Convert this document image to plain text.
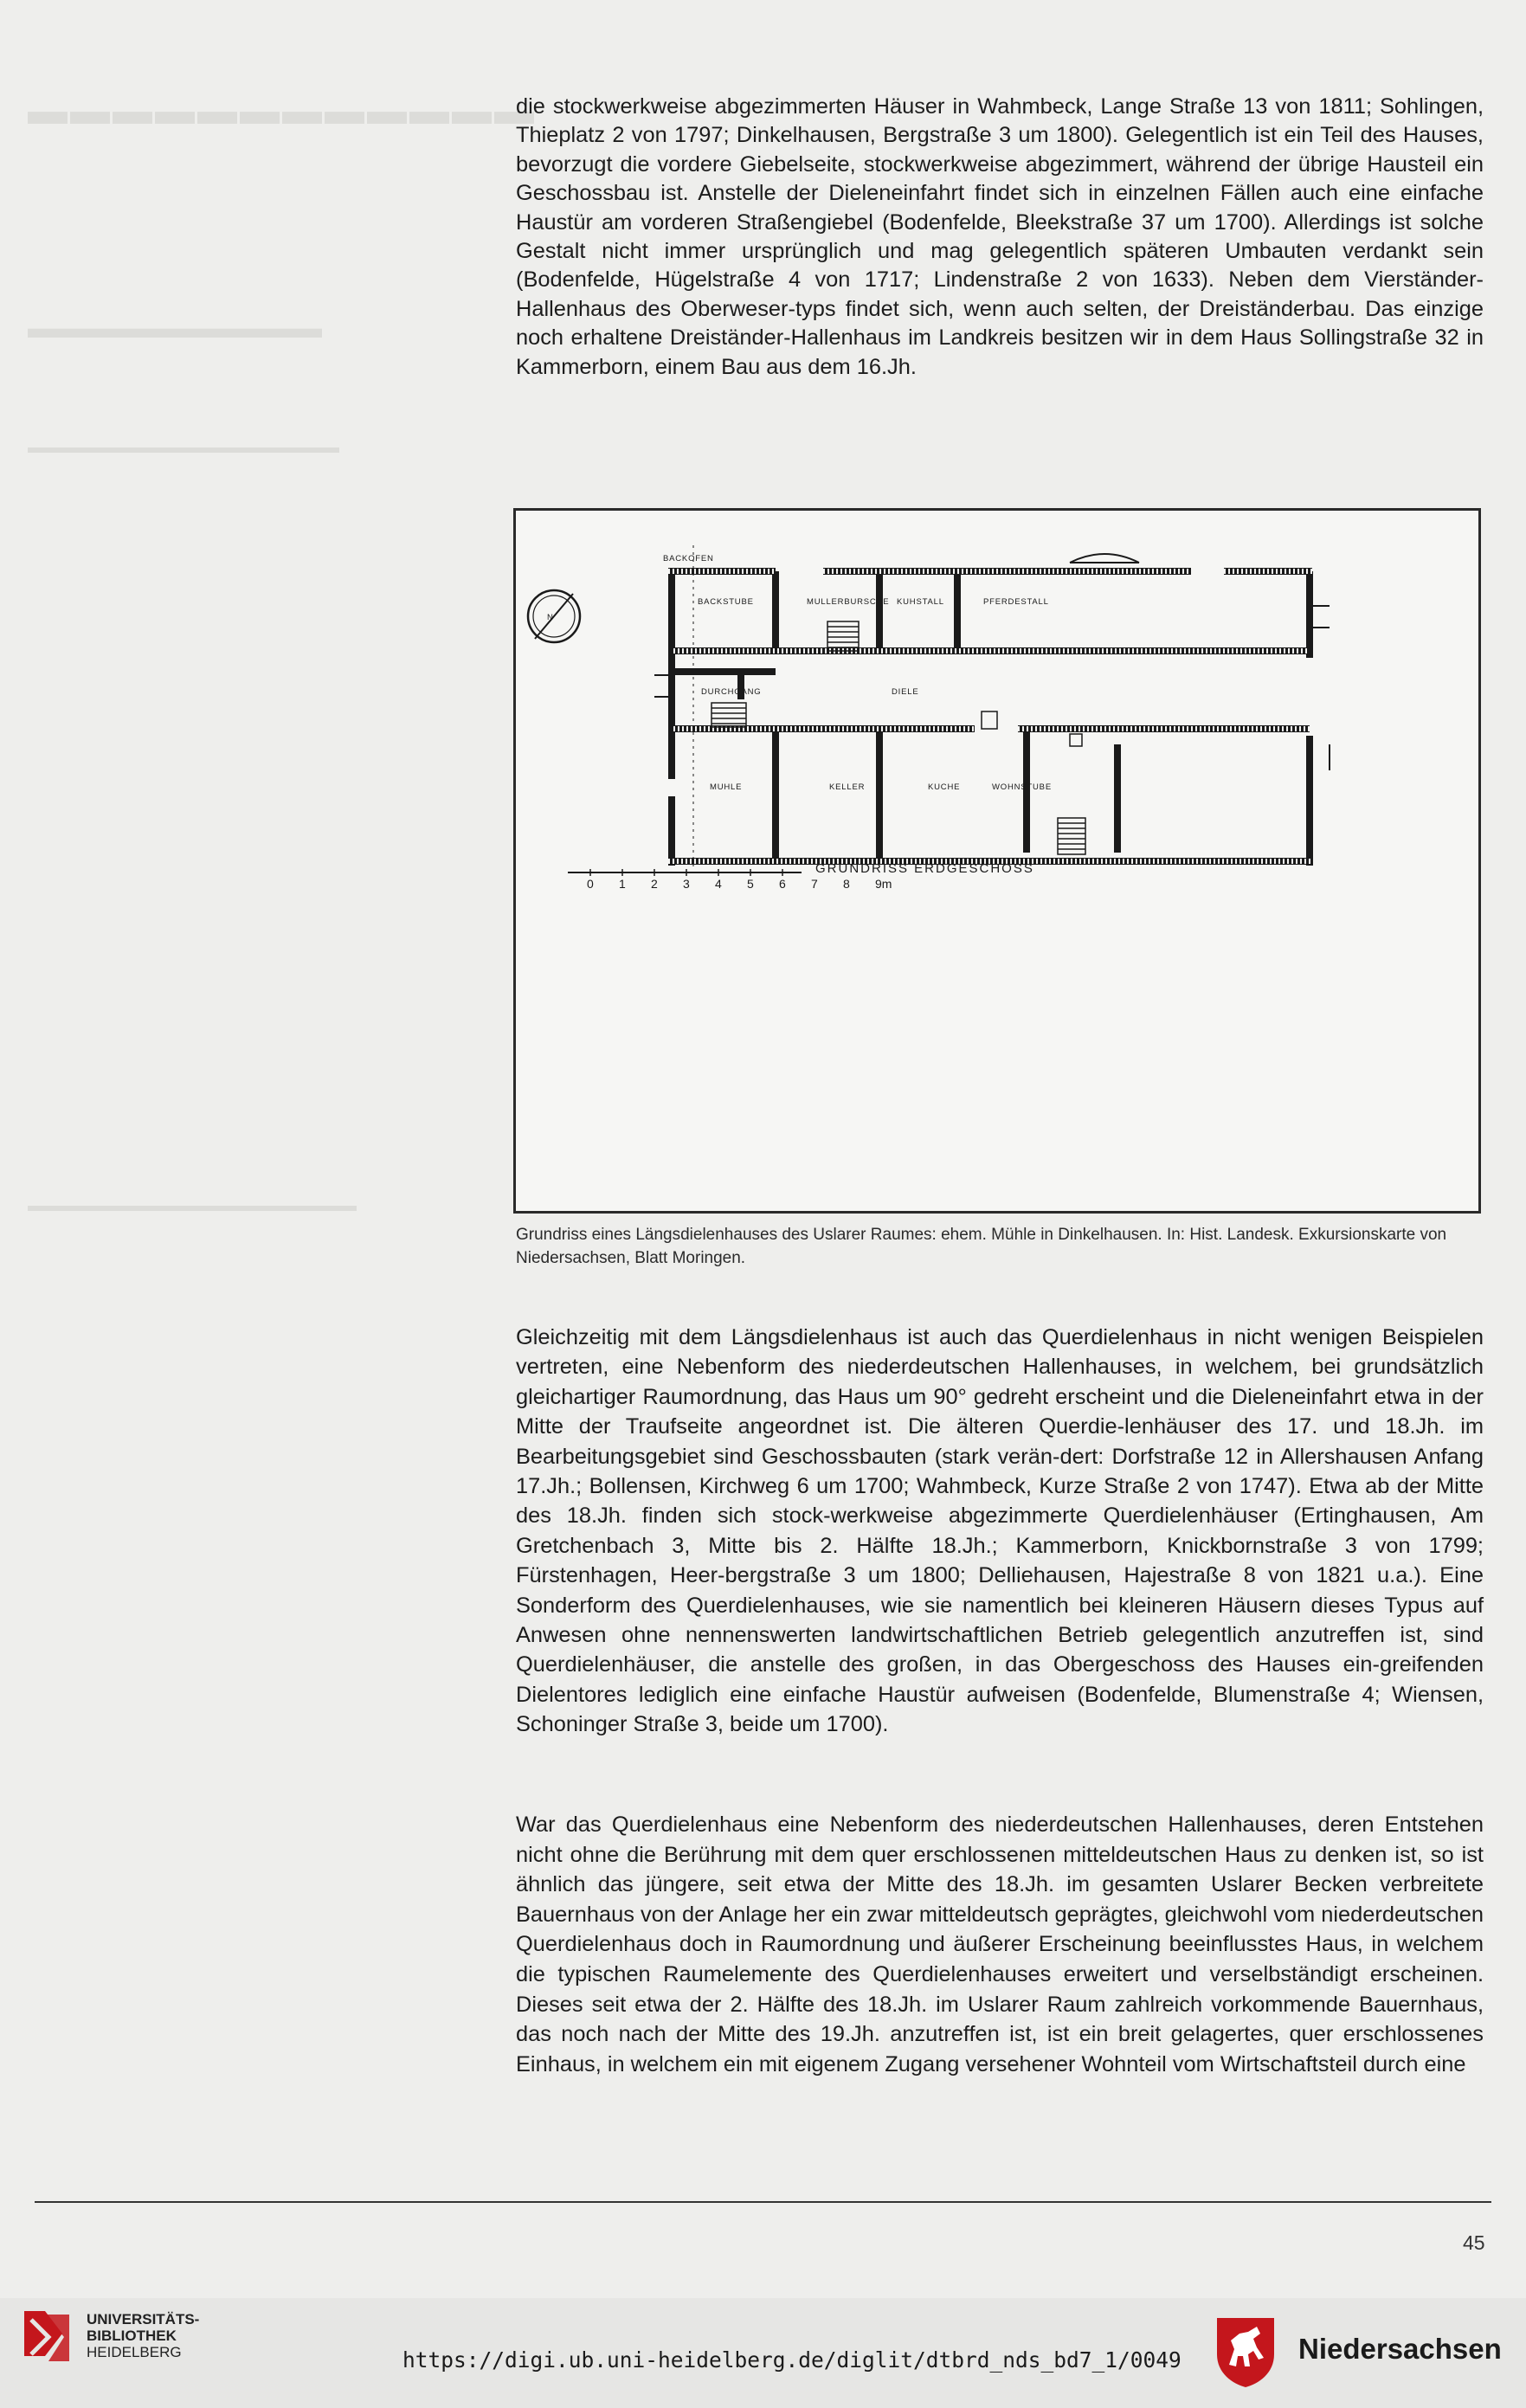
▬▬▬▬▬▬▬▬▬▬▬▬
▬▬▬▬▬▬▬▬▬▬
▬▬▬▬▬▬▬▬▬▬▬▬▬▬▬▬▬▬
▬▬▬▬▬▬▬▬▬▬▬▬▬▬▬▬▬▬▬

die stockwerkweise abgezimmerten Häuser in Wahmbeck, Lange Straße 13 von 1811; Sohlingen, Thieplatz 2 von 1797; Dinkelhausen, Bergstraße 3 um 1800). Gelegentlich ist ein Teil des Hauses, bevorzugt die vordere Giebelseite, stockwerkweise abgezimmert, während der übrige Hausteil ein Geschossbau ist. Anstelle der Dieleneinfahrt findet sich in einzelnen Fällen auch eine einfache Haustür am vorderen Straßengiebel (Bodenfelde, Bleekstraße 37 um 1700). Allerdings ist solche Gestalt nicht immer ursprünglich und mag gelegentlich späteren Umbauten verdankt sein (Bodenfelde, Hügelstraße 4 von 1717; Lindenstraße 2 von 1633). Neben dem Vierständer-Hallenhaus des Oberweser-typs findet sich, wenn auch selten, der Dreiständerbau. Das einzige noch erhaltene Dreiständer-Hallenhaus im Landkreis besitzen wir in dem Haus Sollingstraße 32 in Kammerborn, einem Bau aus dem 16.Jh.

BACKOFEN
BACKSTUBE	MULLERBURSCHE KUHSTALL	PFERDESTALL
DURCHGANG	DIELE
MUHLE	KELLER	KUCHE	WOHNSTUBE
N
0 1 2 3 4 5 6 7 8 9m
GRUNDRISS ERDGESCHOSS

Grundriss eines Längsdielenhauses des Uslarer Raumes: ehem. Mühle in Dinkelhausen. In: Hist. Landesk. Exkursionskarte von Niedersachsen, Blatt Moringen.

Gleichzeitig mit dem Längsdielenhaus ist auch das Querdielenhaus in nicht wenigen Beispielen vertreten, eine Nebenform des niederdeutschen Hallenhauses, in welchem, bei grundsätzlich gleichartiger Raumordnung, das Haus um 90° gedreht erscheint und die Dieleneinfahrt etwa in der Mitte der Traufseite angeordnet ist. Die älteren Querdie-lenhäuser des 17. und 18.Jh. im Bearbeitungsgebiet sind Geschossbauten (stark verän-dert: Dorfstraße 12 in Allershausen Anfang 17.Jh.; Bollensen, Kirchweg 6 um 1700; Wahmbeck, Kurze Straße 2 von 1747). Etwa ab der Mitte des 18.Jh. finden sich stock-werkweise abgezimmerte Querdielenhäuser (Ertinghausen, Am Gretchenbach 3, Mitte bis 2. Hälfte 18.Jh.; Kammerborn, Knickbornstraße 3 von 1799; Fürstenhagen, Heer-bergstraße 3 um 1800; Delliehausen, Hajestraße 8 von 1821 u.a.). Eine Sonderform des Querdielenhauses, wie sie namentlich bei kleineren Häusern dieses Typus auf Anwesen ohne nennenswerten landwirtschaftlichen Betrieb gelegentlich anzutreffen ist, sind Querdielenhäuser, die anstelle des großen, in das Obergeschoss des Hauses ein-greifenden Dielentores lediglich eine einfache Haustür aufweisen (Bodenfelde, Blumenstraße 4; Wiensen, Schoninger Straße 3, beide um 1700).

War das Querdielenhaus eine Nebenform des niederdeutschen Hallenhauses, deren Entstehen nicht ohne die Berührung mit dem quer erschlossenen mitteldeutschen Haus zu denken ist, so ist ähnlich das jüngere, seit etwa der Mitte des 18.Jh. im gesamten Uslarer Becken verbreitete Bauernhaus von der Anlage her ein zwar mitteldeutsch geprägtes, gleichwohl vom niederdeutschen Querdielenhaus doch in Raumordnung und äußerer Erscheinung beeinflusstes Haus, in welchem die typischen Raumelemente des Querdielenhauses erweitert und verselbständigt erscheinen. Dieses seit etwa der 2. Hälfte des 18.Jh. im Uslarer Raum zahlreich vorkommende Bauernhaus, das noch nach der Mitte des 19.Jh. anzutreffen ist, ist ein breit gelagertes, quer erschlossenes Einhaus, in welchem ein mit eigenem Zugang versehener Wohnteil vom Wirtschaftsteil durch eine

45
UNIVERSITÄTS-
BIBLIOTHEK
HEIDELBERG	https://digi.ub.uni-heidelberg.de/diglit/dtbrd_nds_bd7_1/0049	Niedersachsen
